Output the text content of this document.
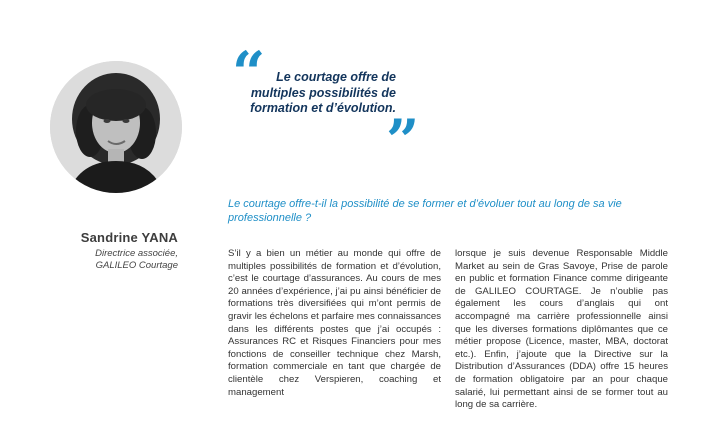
Sandrine YANA
Directrice associée,
GALILEO Courtage
“ Le courtage offre de multiples possibilités de formation et d’évolution.
”
Le courtage offre-t-il la possibilité de se former et d’évoluer tout au long de sa vie professionnelle ?
S’il y a bien un métier au monde qui offre de multiples possibilités de formation et d’évolution, c’est le courtage d’assurances. Au cours de mes 20 années d’expérience, j’ai pu ainsi bénéficier de formations très diversifiées qui m’ont permis de gravir les échelons et parfaire mes connaissances dans les différents postes que j’ai occupés : Assurances RC et Risques Financiers pour mes fonctions de conseiller technique chez Marsh, formation commerciale en tant que chargée de clientèle chez Verspieren, coaching et management
lorsque je suis devenue Responsable Middle Market au sein de Gras Savoye, Prise de parole en public et formation Finance comme dirigeante de GALILEO COURTAGE. Je n’oublie pas également les cours d’anglais qui ont accompagné ma carrière professionnelle ainsi que les diverses formations diplômantes que ce métier propose (Licence, master, MBA, doctorat etc.). Enfin, j’ajoute que la Directive sur la Distribution d’Assurances (DDA) offre 15 heures de formation obligatoire par an pour chaque salarié, lui permettant ainsi de se former tout au long de sa carrière.
